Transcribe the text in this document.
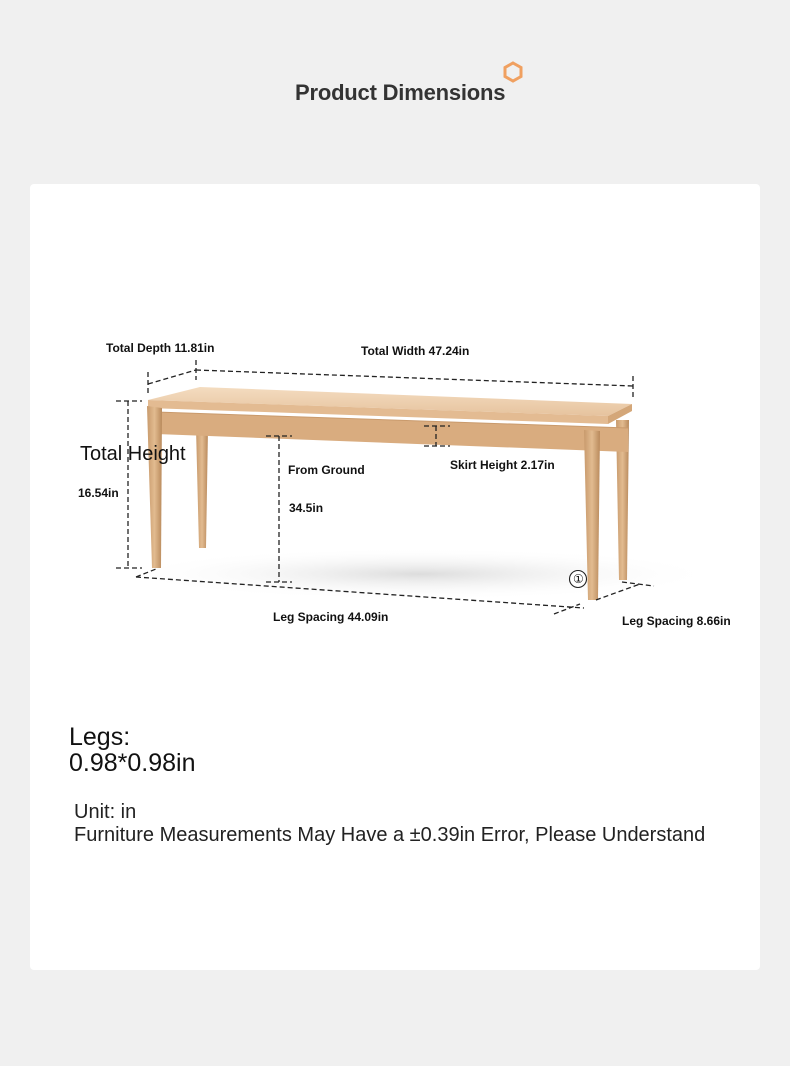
Product Dimensions
①
Total Depth 11.81in	Total Width 47.24in
Total Height
16.54in
From Ground
34.5in
Skirt Height 2.17in
Leg Spacing 44.09in	Leg Spacing 8.66in
Legs:
0.98*0.98in
Unit: in
Furniture Measurements May Have a ±0.39in Error, Please Understand
